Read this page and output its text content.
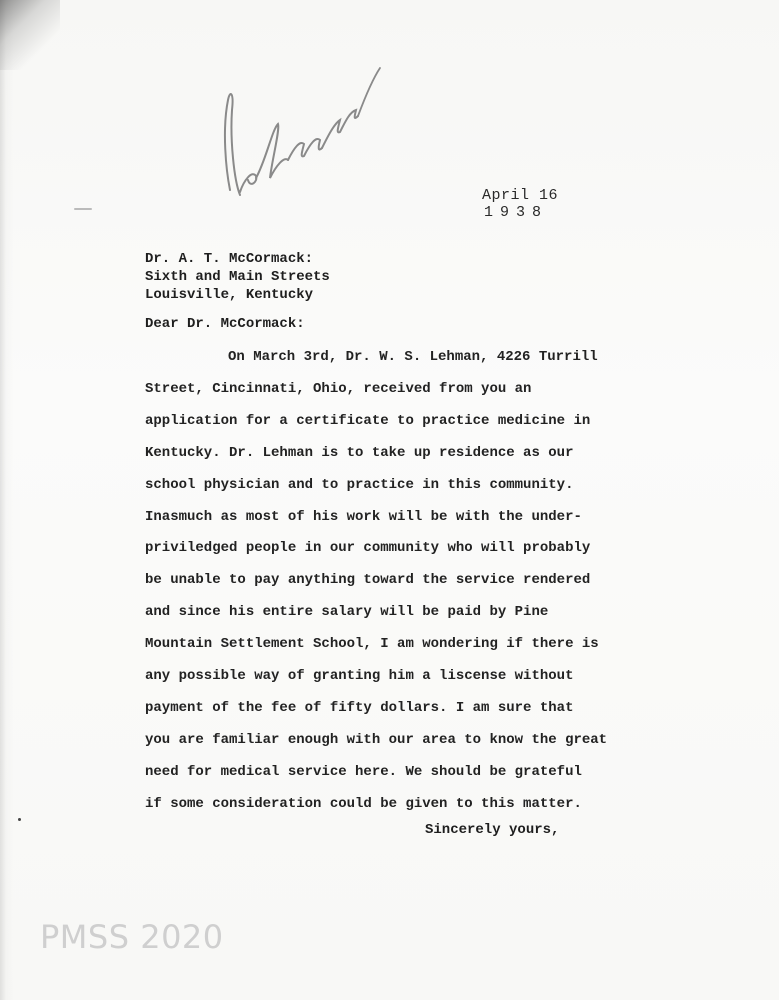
April 16
1938
Dr. A. T. McCormack:
Sixth and Main Streets
Louisville, Kentucky
Dear Dr. McCormack:
On March 3rd, Dr. W. S. Lehman, 4226 Turrill
Street, Cincinnati, Ohio, received from you an
application for a certificate to practice medicine in
Kentucky. Dr. Lehman is to take up residence as our
school physician and to practice in this community.
Inasmuch as most of his work will be with the under-
priviledged people in our community who will probably
be unable to pay anything toward the service rendered
and since his entire salary will be paid by Pine
Mountain Settlement School, I am wondering if there is
any possible way of granting him a liscense without
payment of the fee of fifty dollars. I am sure that
you are familiar enough with our area to know the great
need for medical service here. We should be grateful
if some consideration could be given to this matter.
Sincerely yours,
PMSS 2020
